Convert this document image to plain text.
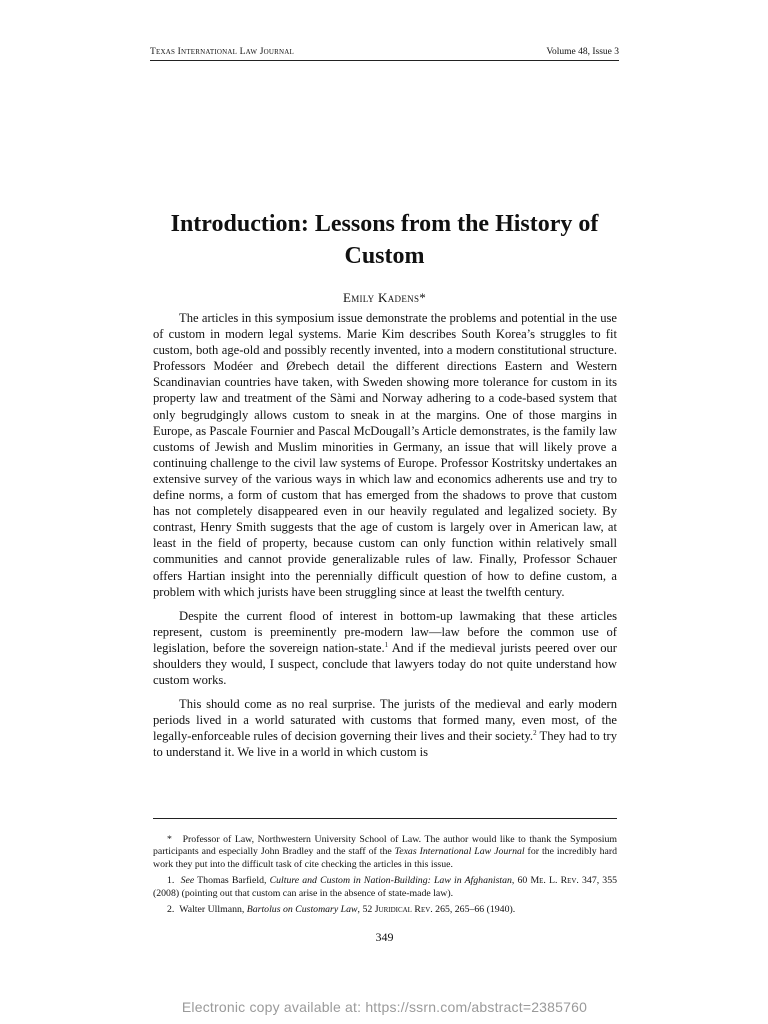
Texas International Law Journal	Volume 48, Issue 3
Introduction: Lessons from the History of Custom
Emily Kadens*

The articles in this symposium issue demonstrate the problems and potential in the use of custom in modern legal systems. Marie Kim describes South Korea’s struggles to fit custom, both age-old and possibly recently invented, into a modern constitutional structure. Professors Modéer and Ørebech detail the different directions Eastern and Western Scandinavian countries have taken, with Sweden showing more tolerance for custom in its property law and treatment of the Sàmi and Norway adhering to a code-based system that only begrudgingly allows custom to sneak in at the margins. One of those margins in Europe, as Pascale Fournier and Pascal McDougall’s Article demonstrates, is the family law customs of Jewish and Muslim minorities in Germany, an issue that will likely prove a continuing challenge to the civil law systems of Europe. Professor Kostritsky undertakes an extensive survey of the various ways in which law and economics adherents use and try to define norms, a form of custom that has emerged from the shadows to prove that custom has not completely disappeared even in our heavily regulated and legalized society. By contrast, Henry Smith suggests that the age of custom is largely over in American law, at least in the field of property, because custom can only function within relatively small communities and cannot provide generalizable rules of law. Finally, Professor Schauer offers Hartian insight into the perennially difficult question of how to define custom, a problem with which jurists have been struggling since at least the twelfth century.

Despite the current flood of interest in bottom-up lawmaking that these articles represent, custom is preeminently pre-modern law—law before the common use of legislation, before the sovereign nation-state.$^1$ And if the medieval jurists peered over our shoulders they would, I suspect, conclude that lawyers today do not quite understand how custom works.

This should come as no real surprise. The jurists of the medieval and early modern periods lived in a world saturated with customs that formed many, even most, of the legally-enforceable rules of decision governing their lives and their society.$^2$ They had to try to understand it. We live in a world in which custom is

* Professor of Law, Northwestern University School of Law. The author would like to thank the Symposium participants and especially John Bradley and the staff of the Texas International Law Journal for the incredibly hard work they put into the difficult task of cite checking the articles in this issue.

1. See Thomas Barfield, Culture and Custom in Nation-Building: Law in Afghanistan, 60 Me. L. Rev. 347, 355 (2008) (pointing out that custom can arise in the absence of state-made law).

2. Walter Ullmann, Bartolus on Customary Law, 52 Juridical Rev. 265, 265–66 (1940).

349
Electronic copy available at: https://ssrn.com/abstract=2385760
